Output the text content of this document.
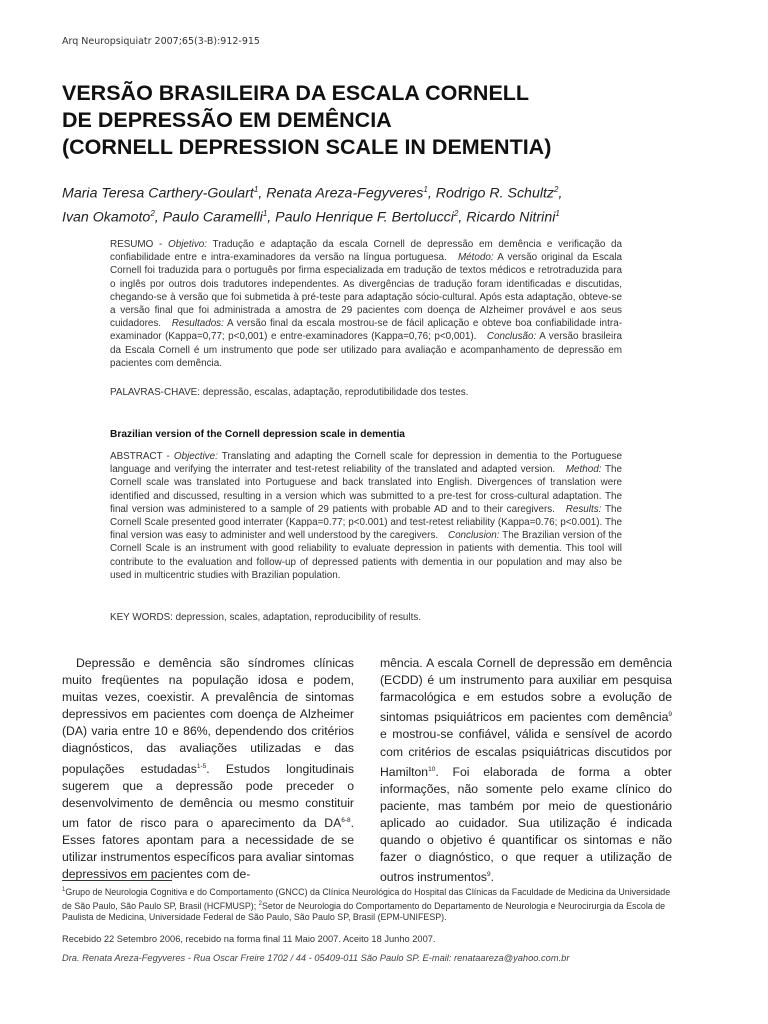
Arq Neuropsiquiatr 2007;65(3-B):912-915
VERSÃO BRASILEIRA DA ESCALA CORNELL
DE DEPRESSÃO EM DEMÊNCIA
(CORNELL DEPRESSION SCALE IN DEMENTIA)
Maria Teresa Carthery-Goulart$^1$, Renata Areza-Fegyveres$^1$, Rodrigo R. Schultz$^2$,
Ivan Okamoto$^2$, Paulo Caramelli$^1$, Paulo Henrique F. Bertolucci$^2$, Ricardo Nitrini$^1$
RESUMO - Objetivo: Tradução e adaptação da escala Cornell de depressão em demência e verificação da confiabilidade entre e intra-examinadores da versão na língua portuguesa. Método: A versão original da Escala Cornell foi traduzida para o português por firma especializada em tradução de textos médicos e retrotraduzida para o inglês por outros dois tradutores independentes. As divergências de tradução foram identificadas e discutidas, chegando-se à versão que foi submetida à pré-teste para adaptação sócio-cultural. Após esta adaptação, obteve-se a versão final que foi administrada a amostra de 29 pacientes com doença de Alzheimer provável e aos seus cuidadores. Resultados: A versão final da escala mostrou-se de fácil aplicação e obteve boa confiabilidade intra-examinador (Kappa=0,77; p<0,001) e entre-examinadores (Kappa=0,76; p<0,001). Conclusão: A versão brasileira da Escala Cornell é um instrumento que pode ser utilizado para avaliação e acompanhamento de depressão em pacientes com demência.
PALAVRAS-CHAVE: depressão, escalas, adaptação, reprodutibilidade dos testes.
Brazilian version of the Cornell depression scale in dementia
ABSTRACT - Objective: Translating and adapting the Cornell scale for depression in dementia to the Portuguese language and verifying the interrater and test-retest reliability of the translated and adapted version. Method: The Cornell scale was translated into Portuguese and back translated into English. Divergences of translation were identified and discussed, resulting in a version which was submitted to a pre-test for cross-cultural adaptation. The final version was administered to a sample of 29 patients with probable AD and to their caregivers. Results: The Cornell Scale presented good interrater (Kappa=0.77; p<0.001) and test-retest reliability (Kappa=0.76; p<0.001). The final version was easy to administer and well understood by the caregivers. Conclusion: The Brazilian version of the Cornell Scale is an instrument with good reliability to evaluate depression in patients with dementia. This tool will contribute to the evaluation and follow-up of depressed patients with dementia in our population and may also be used in multicentric studies with Brazilian population.
KEY WORDS: depression, scales, adaptation, reproducibility of results.
Depressão e demência são síndromes clínicas muito freqüentes na população idosa e podem, muitas vezes, coexistir. A prevalência de sintomas depressivos em pacientes com doença de Alzheimer (DA) varia entre 10 e 86%, dependendo dos critérios diagnósticos, das avaliações utilizadas e das populações estudadas$^{1-5}$. Estudos longitudinais sugerem que a depressão pode preceder o desenvolvimento de demência ou mesmo constituir um fator de risco para o aparecimento da DA$^{6-8}$. Esses fatores apontam para a necessidade de se utilizar instrumentos específicos para avaliar sintomas depressivos em pacientes com de-
mência. A escala Cornell de depressão em demência (ECDD) é um instrumento para auxiliar em pesquisa farmacológica e em estudos sobre a evolução de sintomas psiquiátricos em pacientes com demência$^9$ e mostrou-se confiável, válida e sensível de acordo com critérios de escalas psiquiátricas discutidos por Hamilton$^{10}$. Foi elaborada de forma a obter informações, não somente pelo exame clínico do paciente, mas também por meio de questionário aplicado ao cuidador. Sua utilização é indicada quando o objetivo é quantificar os sintomas e não fazer o diagnóstico, o que requer a utilização de outros instrumentos$^9$.
$^1$Grupo de Neurologia Cognitiva e do Comportamento (GNCC) da Clínica Neurológica do Hospital das Clínicas da Faculdade de Medicina da Universidade de São Paulo, São Paulo SP, Brasil (HCFMUSP); $^2$Setor de Neurologia do Comportamento do Departamento de Neurologia e Neurocirurgia da Escola de Paulista de Medicina, Universidade Federal de São Paulo, São Paulo SP, Brasil (EPM-UNIFESP).
Recebido 22 Setembro 2006, recebido na forma final 11 Maio 2007. Aceito 18 Junho 2007.
Dra. Renata Areza-Fegyveres - Rua Oscar Freire 1702 / 44 - 05409-011 São Paulo SP. E-mail: renataareza@yahoo.com.br
